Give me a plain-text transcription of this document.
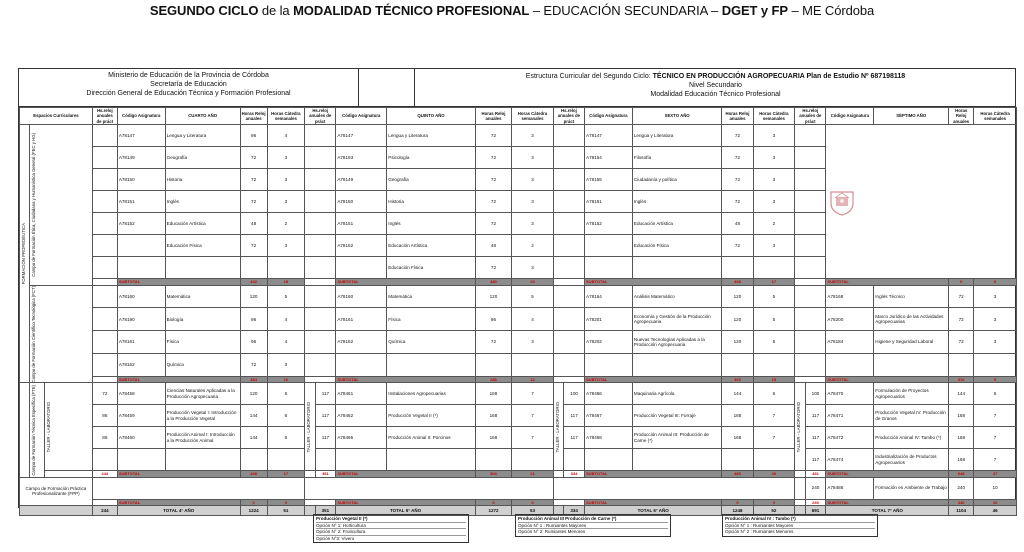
SEGUNDO CICLO de la MODALIDAD TÉCNICO PROFESIONAL – EDUCACIÓN SECUNDARIA – DGET y FP – ME Córdoba
Ministerio de Educación de la Provincia de Córdoba
Secretaría de Educación
Dirección General de Educación Técnica y Formación Profesional
Estructura Curricular del Segundo Ciclo: TÉCNICO EN PRODUCCIÓN AGROPECUARIA Plan de Estudio Nº 687198118
Nivel Secundario
Modalidad Educación Técnico Profesional
Espacios Curriculares			Hs.reloj anuales de práct	Código Asignatura	CUARTO AÑO	Horas Reloj anuales	Horas Cátedra semanales	Hs.reloj anuales de práct		Código Asignatura	QUINTO AÑO	Horas Reloj anuales	Horas Cátedra semanales	Hs.reloj anuales de práct		Código Asignatura	SEXTO AÑO	Horas Reloj anuales	Horas Cátedra semanales	Hs.reloj anuales de práct		Código Asignatura	SÉPTIMO AÑO	Horas Reloj anuales	Horas Cátedra semanales

FORMACIÓN PROPEDÉUTICA	Campo de Formación Ética, Ciudadana y Humanística General (FEC y HG)			A78147	Lengua y Literatura	96	4			A78147	Lengua y Literatura	72	3			A78147	Lengua y Literatura	72	3		
				A78149	Geografía	72	3			A78153	Psicología	72	3			A78154	Filosofía	72	3						
				A78150	Historia	72	3			A78149	Geografía	72	3			A78155	Ciudadanía y política	72	3						
				A78151	Inglés	72	3			A78150	Historia	72	3			A78151	Inglés	72	3						
				A78152	Educación Artística	48	2			A78151	Inglés	72	3			A78152	Educación Artística	48	2						
					Educación Física	72	3			A78152	Educación Artística	48	2				Educación Física	72	3						
											Educación Física	72	3												
				SUBTOTAL		432	18			SUBTOTAL		480	20			SUBTOTAL		408	17			SUBTOTAL		0	0

	Campo de Formación Científico Tecnológica (FCT)			A78160	Matemática	120	5			A78160	Matemática	120	5			A78164	Análisis Matemático	120	5			A78168	Inglés Técnico	72	3
				A78190	Biología	96	4			A78161	Física	96	4			A78201	Economía y Gestión de la Producción Agropecuaria	120	5			A78200	Marco Jurídico de las Actividades Agropecuarias	72	3
				A78161	Física	96	4			A78162	Química	72	3			A78202	Nuevas Tecnologías Aplicadas a la Producción Agropecuaria	120	5			A78184	Higiene y Seguridad Laboral	72	3
				A78162	Química	72	3																		
				SUBTOTAL		384	16			SUBTOTAL		288	12			SUBTOTAL		360	15			SUBTOTAL		216	9

	Campo de Formación Técnica Específica (FTE)	TALLER - LABORATORIO	72	A78458	Ciencias Naturales Aplicadas a la Producción Agropecuaria	120	5	TALLER - LABORATORIO	117	A78461	Instalaciones Agropecuarias	168	7	TALLER - LABORATORIO	100	A78466	Maquinaria Agrícola	144	6	TALLER - LABORATORIO	100	A78470	Formulación de Proyectos Agropecuarios	144	6
			86	A78459	Producción Vegetal I: Introducción a la Producción Vegetal	144	6		117	A78462	Producción Vegetal II (*)	168	7		117	A78467	Producción Vegetal III: Forraje	168	7		117	A78471	Producción Vegetal IV: Producción de Granos	168	7
			86	A78460	Producción Animal I: Introducción a la Producción Animal	144	6		117	A78465	Producción Animal II: Porcinos	168	7		117	A78468	Producción Animal III: Producción de Carne (*)	168	7		117	A78472	Producción Animal IV: Tambo (*)	168	7
																					117	A78474	Industrialización de Productos Agropecuarios	168	7
			244	SUBTOTAL		408	17		351	SUBTOTAL		504	21		334	SUBTOTAL		480	20		451	SUBTOTAL		648	27
Campo de Formación Práctica Profesionalizante (FPP)																					240	A78486	Formación en Ambiente de Trabajo	240	10
				SUBTOTAL		0	0			SUBTOTAL		0	0			SUBTOTAL		0	0		240	SUBTOTAL		240	10
			244	TOTAL 4° AÑO		1224	51		351	TOTAL 5° AÑO		1272	53		334	TOTAL 6° AÑO		1248	52		691	TOTAL 7° AÑO		1104	46
Producción Vegetal II (*)
Opción N° 1: Horticultura
Opción N° 2: Fruticultura
Opción N°3: Vivero
Producción Animal III Producción de Carne (*)
Opción N° 1 : Rumiantes Mayores
Opción N° 2: Rumiantes Menores
Producción Animal IV : Tambo (*)
Opción N° 1 : Rumiantes Mayores
Opción N° 2 : Rumiantes Menores
